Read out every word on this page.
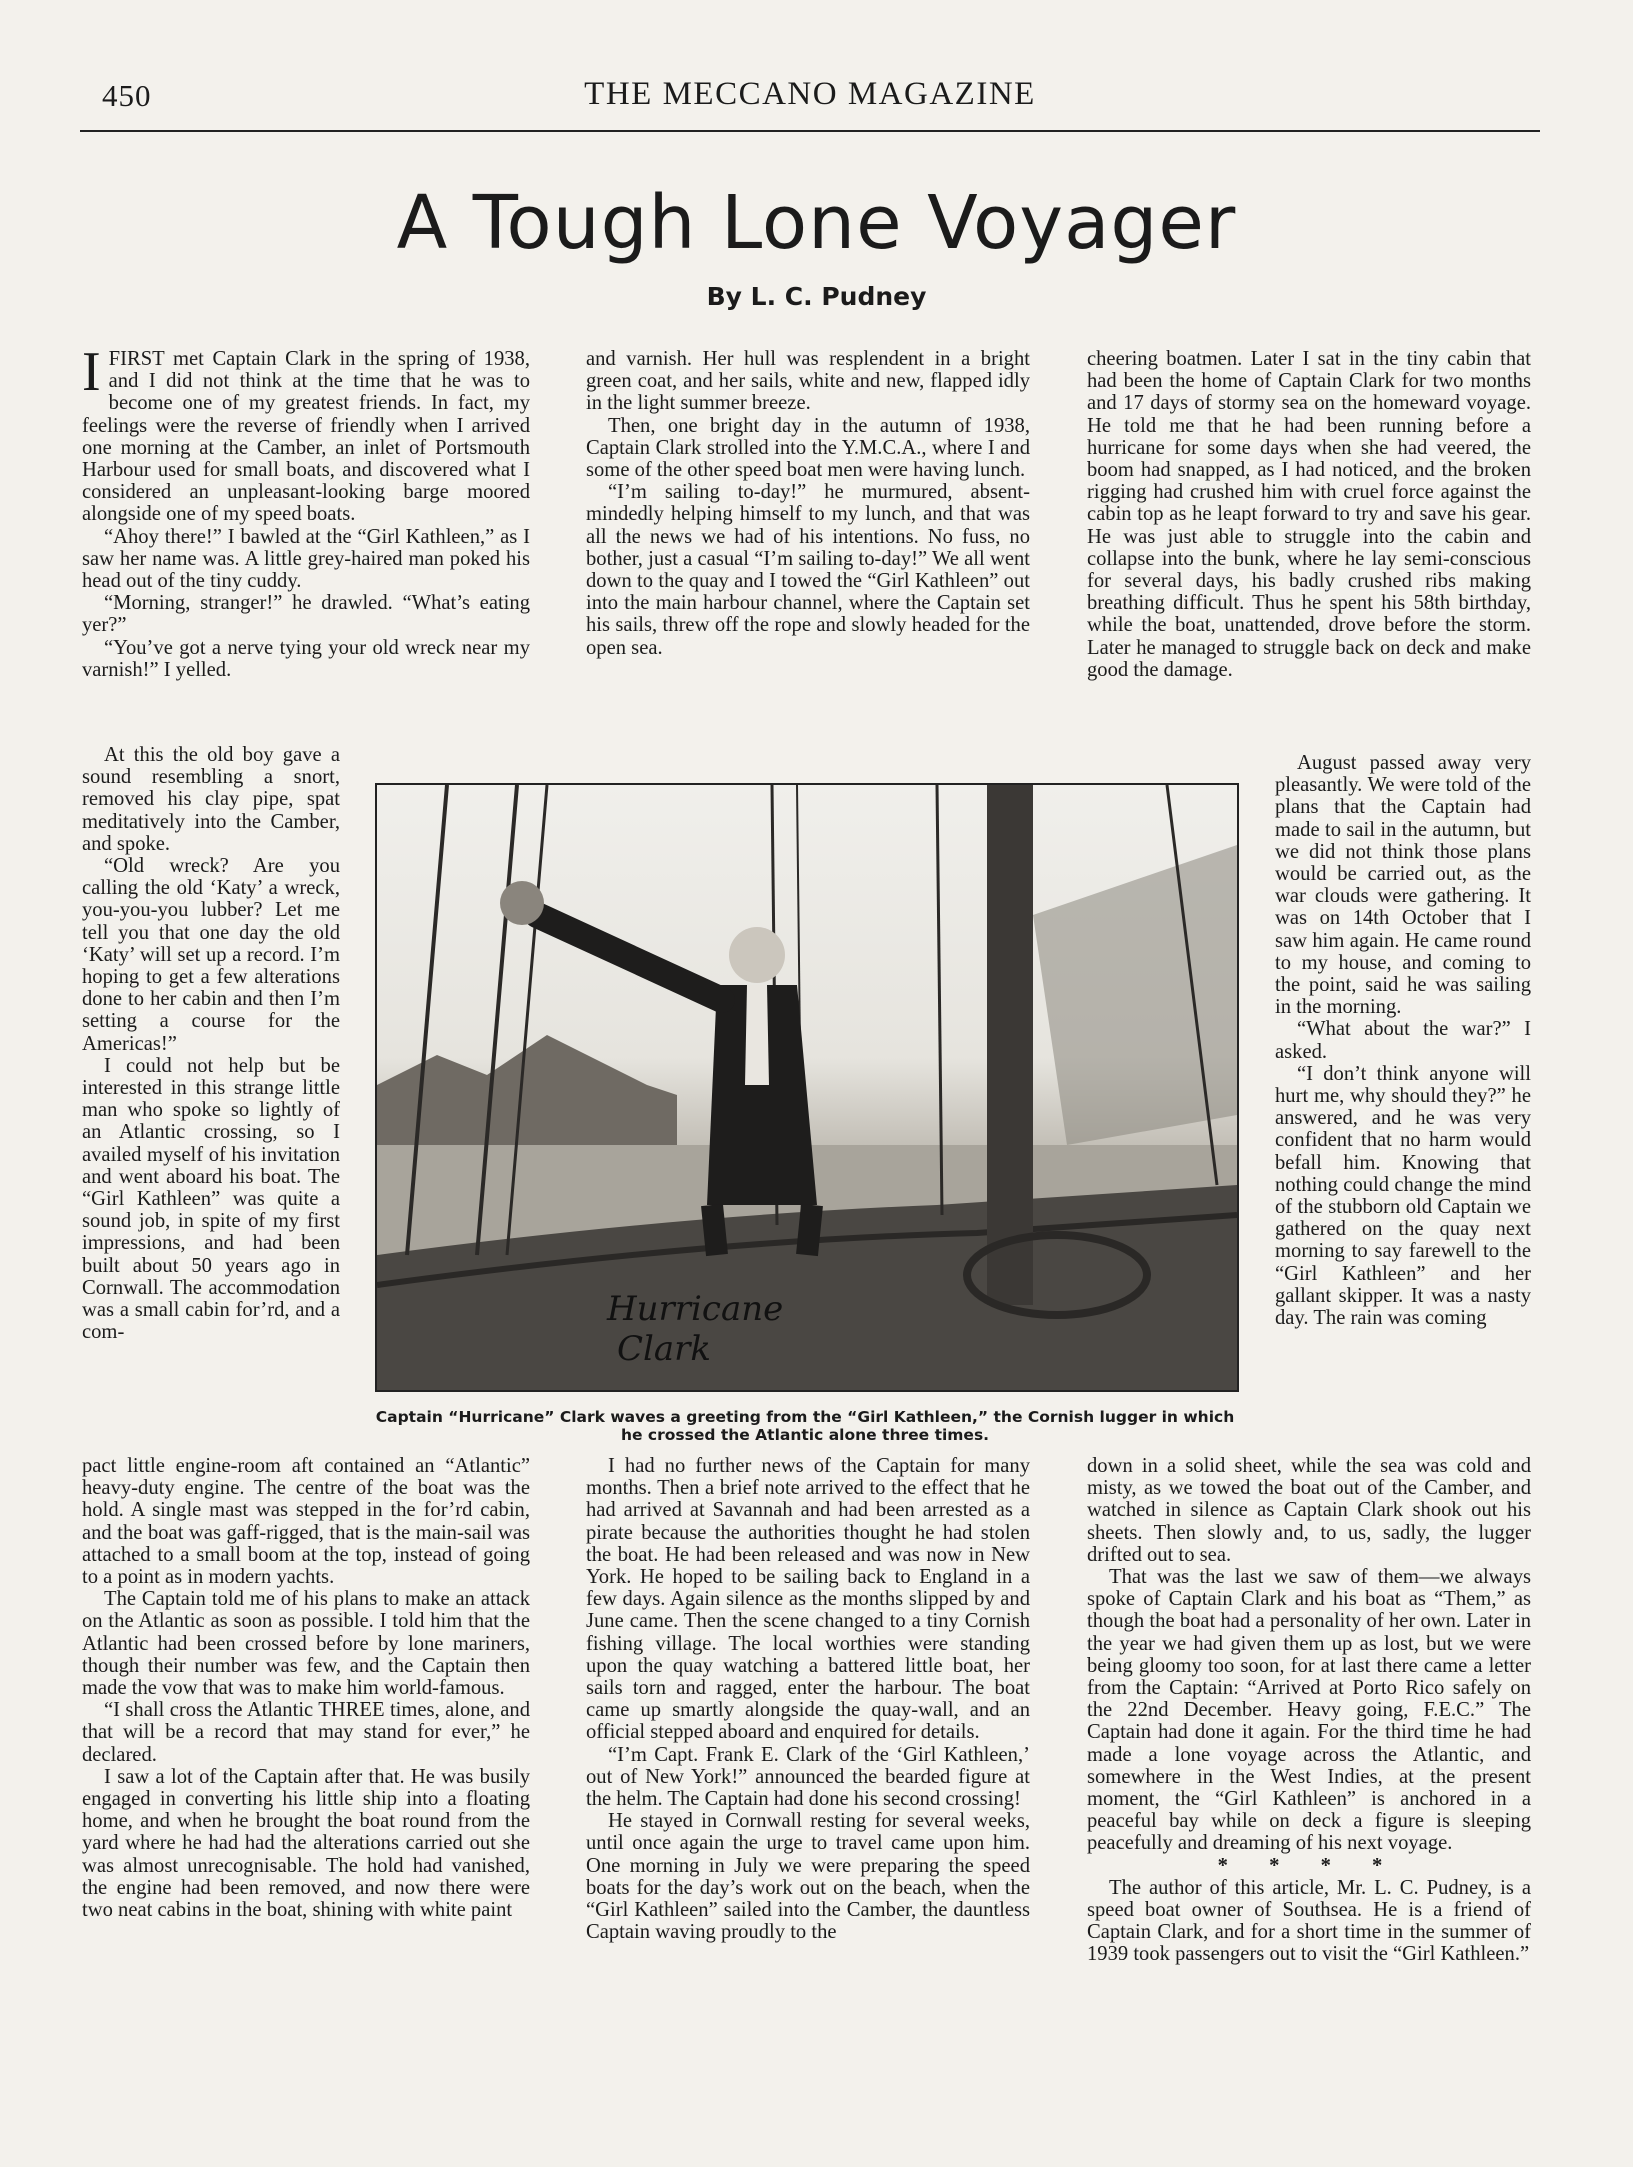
450	THE MECCANO MAGAZINE
A Tough Lone Voyager
By L. C. Pudney

I FIRST met Captain Clark in the spring of 1938, and I did not think at the time that he was to become one of my greatest friends. In fact, my feelings were the reverse of friendly when I arrived one morning at the Camber, an inlet of Portsmouth Harbour used for small boats, and discovered what I considered an unpleasant-looking barge moored alongside one of my speed boats.

“Ahoy there!” I bawled at the “Girl Kathleen,” as I saw her name was. A little grey-haired man poked his head out of the tiny cuddy.

“Morning, stranger!” he drawled. “What’s eating yer?”

“You’ve got a nerve tying your old wreck near my varnish!” I yelled.

At this the old boy gave a sound resembling a snort, removed his clay pipe, spat meditatively into the Camber, and spoke.

“Old wreck? Are you calling the old ‘Katy’ a wreck, you-you-you lubber? Let me tell you that one day the old ‘Katy’ will set up a record. I’m hoping to get a few alterations done to her cabin and then I’m setting a course for the Americas!”

I could not help but be interested in this strange little man who spoke so lightly of an Atlantic crossing, so I availed myself of his invitation and went aboard his boat. The “Girl Kathleen” was quite a sound job, in spite of my first impressions, and had been built about 50 years ago in Cornwall. The accommodation was a small cabin for’rd, and a com-

pact little engine-room aft contained an “Atlantic” heavy-duty engine. The centre of the boat was the hold. A single mast was stepped in the for’rd cabin, and the boat was gaff-rigged, that is the main-sail was attached to a small boom at the top, instead of going to a point as in modern yachts.

The Captain told me of his plans to make an attack on the Atlantic as soon as possible. I told him that the Atlantic had been crossed before by lone mariners, though their number was few, and the Captain then made the vow that was to make him world-famous.

“I shall cross the Atlantic THREE times, alone, and that will be a record that may stand for ever,” he declared.

I saw a lot of the Captain after that. He was busily engaged in converting his little ship into a floating home, and when he brought the boat round from the yard where he had had the alterations carried out she was almost unrecognisable. The hold had vanished, the engine had been removed, and now there were two neat cabins in the boat, shining with white paint

and varnish. Her hull was resplendent in a bright green coat, and her sails, white and new, flapped idly in the light summer breeze.

Then, one bright day in the autumn of 1938, Captain Clark strolled into the Y.M.C.A., where I and some of the other speed boat men were having lunch.

“I’m sailing to-day!” he murmured, absent-mindedly helping himself to my lunch, and that was all the news we had of his intentions. No fuss, no bother, just a casual “I’m sailing to-day!” We all went down to the quay and I towed the “Girl Kathleen” out into the main harbour channel, where the Captain set his sails, threw off the rope and slowly headed for the open sea.

I had no further news of the Captain for many months. Then a brief note arrived to the effect that he had arrived at Savannah and had been arrested as a pirate because the authorities thought he had stolen the boat. He had been released and was now in New York. He hoped to be sailing back to England in a few days. Again silence as the months slipped by and June came. Then the scene changed to a tiny Cornish fishing village. The local worthies were standing upon the quay watching a battered little boat, her sails torn and ragged, enter the harbour. The boat came up smartly alongside the quay-wall, and an official stepped aboard and enquired for details.

“I’m Capt. Frank E. Clark of the ‘Girl Kathleen,’ out of New York!” announced the bearded figure at the helm. The Captain had done his second crossing!

He stayed in Cornwall resting for several weeks, until once again the urge to travel came upon him. One morning in July we were preparing the speed boats for the day’s work out on the beach, when the “Girl Kathleen” sailed into the Camber, the dauntless Captain waving proudly to the

cheering boatmen. Later I sat in the tiny cabin that had been the home of Captain Clark for two months and 17 days of stormy sea on the homeward voyage. He told me that he had been running before a hurricane for some days when she had veered, the boom had snapped, as I had noticed, and the broken rigging had crushed him with cruel force against the cabin top as he leapt forward to try and save his gear. He was just able to struggle into the cabin and collapse into the bunk, where he lay semi-conscious for several days, his badly crushed ribs making breathing difficult. Thus he spent his 58th birthday, while the boat, unattended, drove before the storm. Later he managed to struggle back on deck and make good the damage.

August passed away very pleasantly. We were told of the plans that the Captain had made to sail in the autumn, but we did not think those plans would be carried out, as the war clouds were gathering. It was on 14th October that I saw him again. He came round to my house, and coming to the point, said he was sailing in the morning.

“What about the war?” I asked.

“I don’t think anyone will hurt me, why should they?” he answered, and he was very confident that no harm would befall him. Knowing that nothing could change the mind of the stubborn old Captain we gathered on the quay next morning to say farewell to the “Girl Kathleen” and her gallant skipper. It was a nasty day. The rain was coming

down in a solid sheet, while the sea was cold and misty, as we towed the boat out of the Camber, and watched in silence as Captain Clark shook out his sheets. Then slowly and, to us, sadly, the lugger drifted out to sea.

That was the last we saw of them—we always spoke of Captain Clark and his boat as “Them,” as though the boat had a personality of her own. Later in the year we had given them up as lost, but we were being gloomy too soon, for at last there came a letter from the Captain: “Arrived at Porto Rico safely on the 22nd December. Heavy going, F.E.C.” The Captain had done it again. For the third time he had made a lone voyage across the Atlantic, and somewhere in the West Indies, at the present moment, the “Girl Kathleen” is anchored in a peaceful bay while on deck a figure is sleeping peacefully and dreaming of his next voyage.

* * * *

The author of this article, Mr. L. C. Pudney, is a speed boat owner of Southsea. He is a friend of Captain Clark, and for a short time in the summer of 1939 took passengers out to visit the “Girl Kathleen.”

Hurricane
Clark
Captain “Hurricane” Clark waves a greeting from the “Girl Kathleen,” the Cornish lugger in which he crossed the Atlantic alone three times.
